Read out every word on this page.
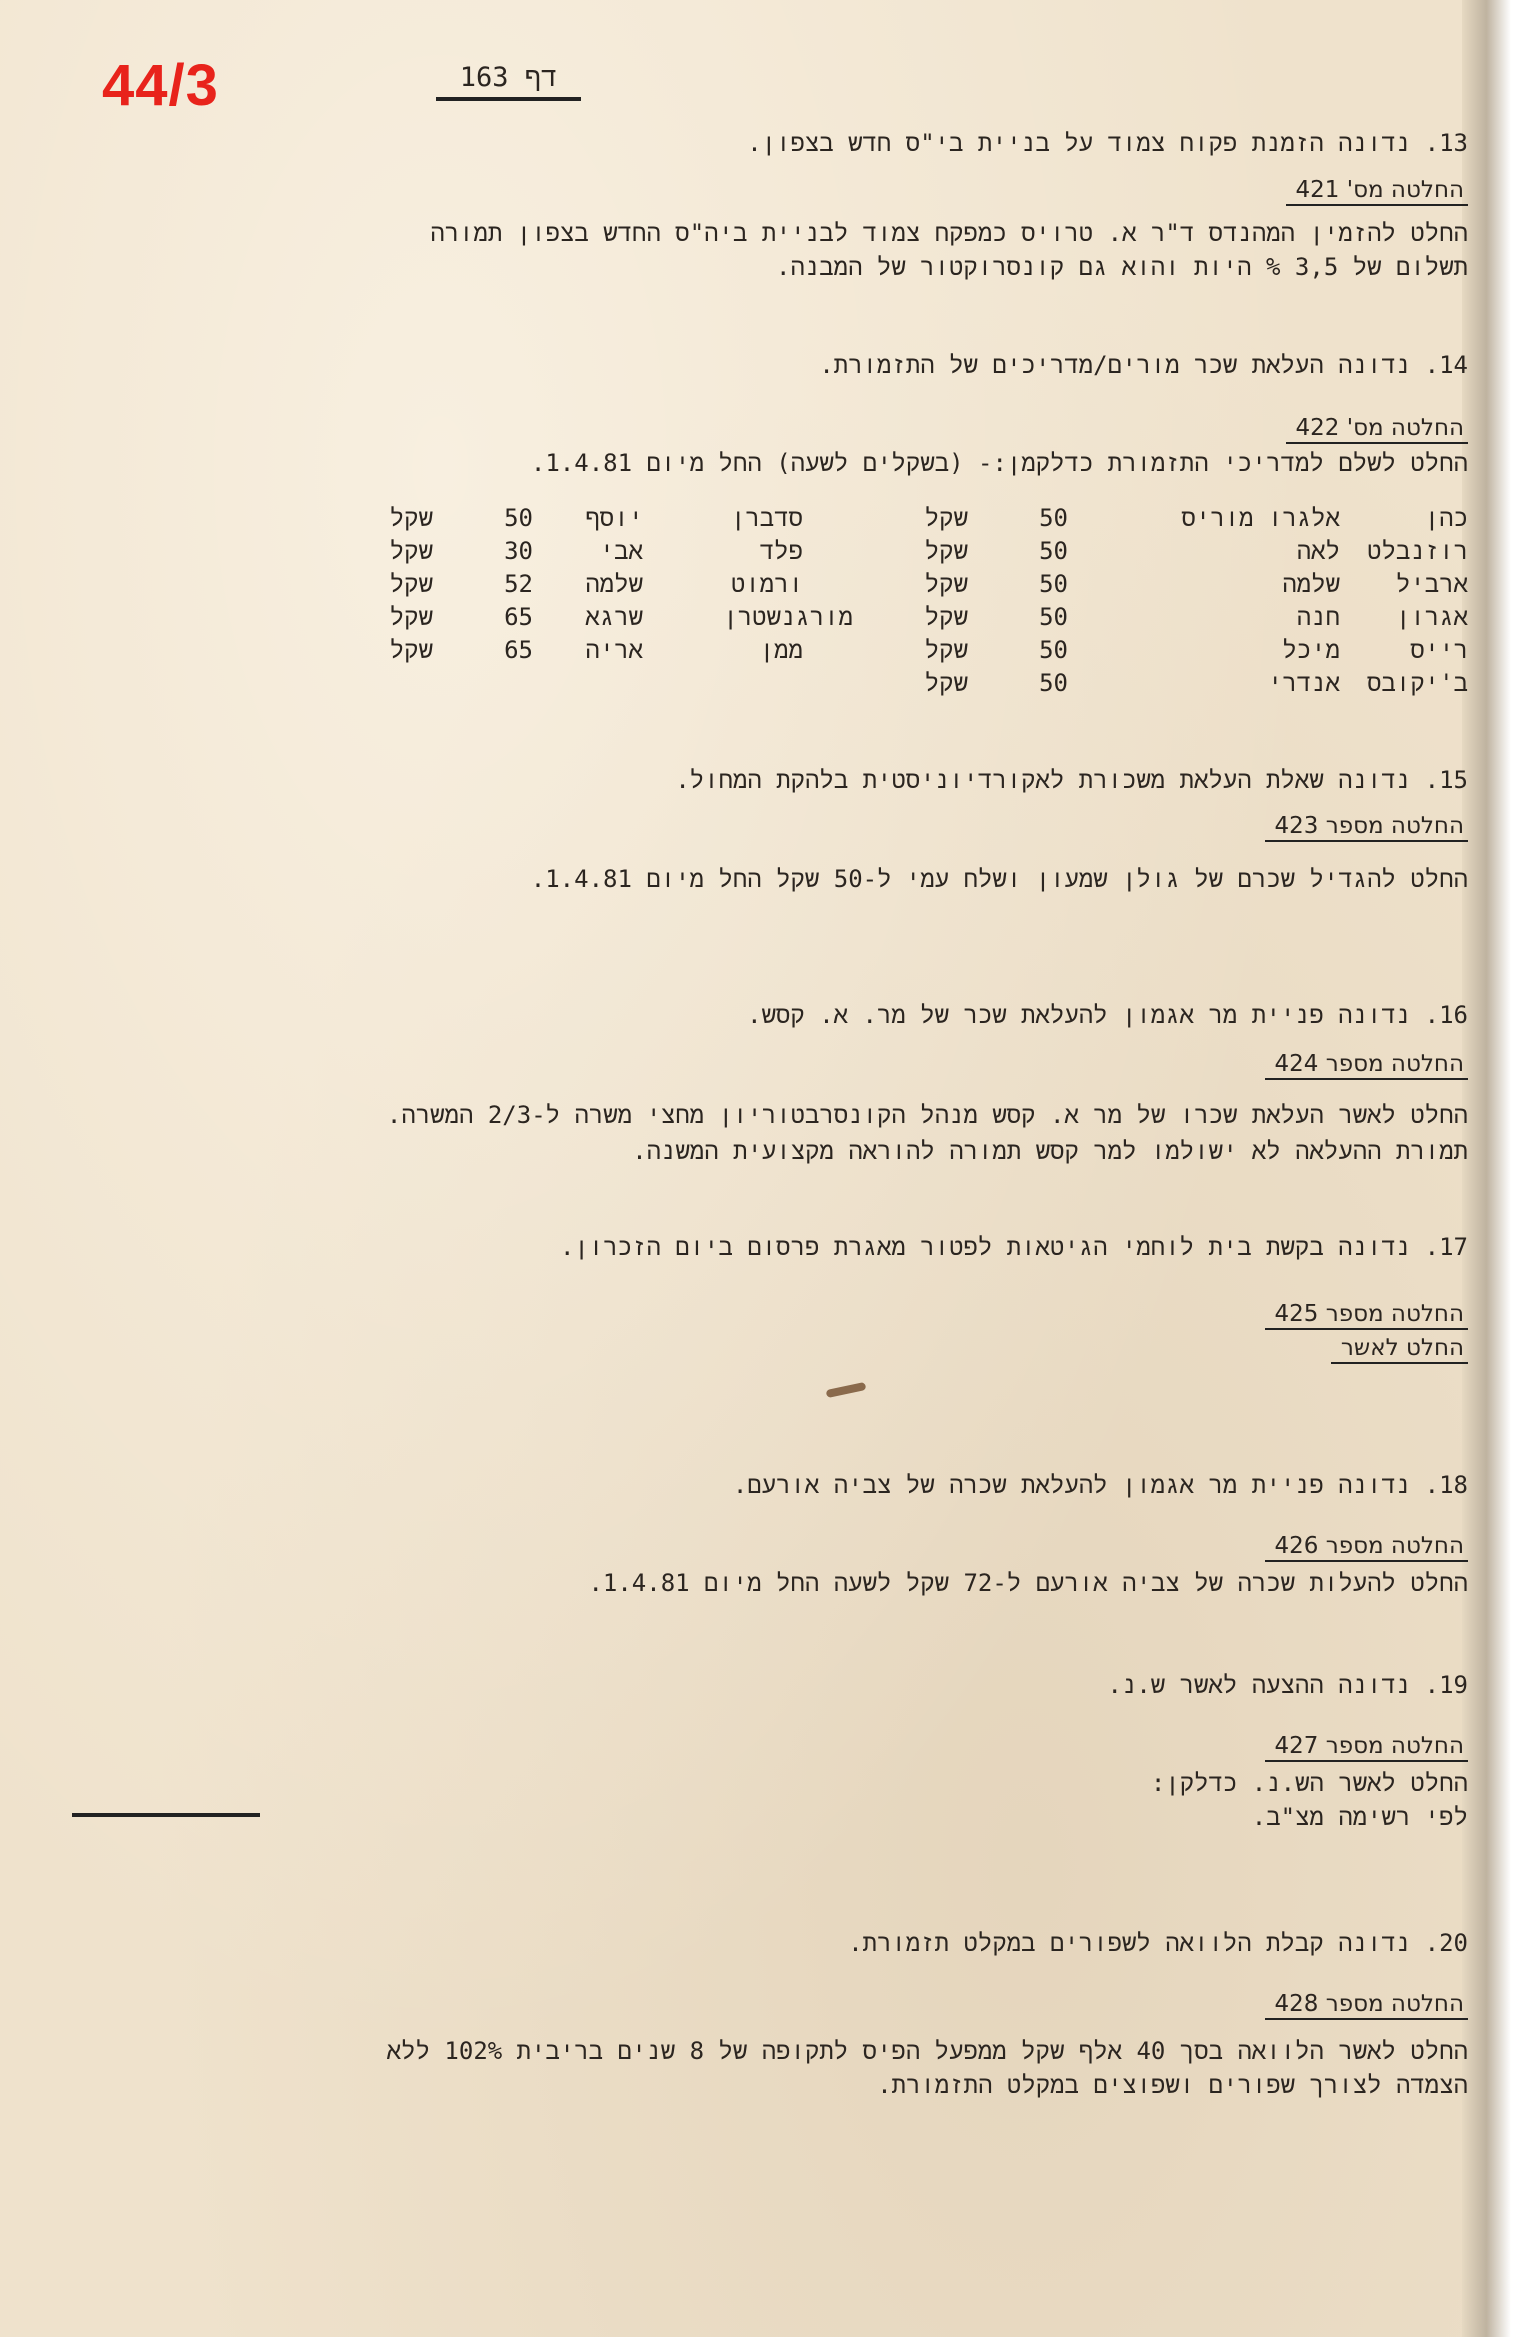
44/3	דף 163
13. נדונה הזמנת פקוח צמוד על בניית בי"ס חדש בצפון.
החלטה מס' 421
החלט להזמין המהנדס ד"ר א. טרויס כמפקח צמוד לבניית ביה"ס החדש בצפון תמורה
תשלום של 3,5 % היות והוא גם קונסרוקטור של המבנה.
14. נדונה העלאת שכר מורים/מדריכים של התזמורת.
החלטה מס' 422
החלט לשלם למדריכי התזמורת כדלקמן:- (בשקלים לשעה) החל מיום 1.4.81.
כהן
אלגרו מוריס
50
שקל
סדברן
יוסף
50
שקל
רוזנבלט
לאה
50
שקל
פלד
אבי
30
שקל
ארביל
שלמה
50
שקל
ורמוט
שלמה
52
שקל
אגרון
חנה
50
שקל
מורגנשטרן
שרגא
65
שקל
רייס
מיכל
50
שקל
ממן
אריה
65
שקל
ב'יקובס
אנדרי
50
שקל
15. נדונה שאלת העלאת משכורת לאקורדיוניסטית בלהקת המחול.
החלטה מספר 423
החלט להגדיל שכרם של גולן שמעון ושלח עמי ל-50 שקל החל מיום 1.4.81.
16. נדונה פניית מר אגמון להעלאת שכר של מר. א. קסש.
החלטה מספר 424
החלט לאשר העלאת שכרו של מר א. קסש מנהל הקונסרבטוריון מחצי משרה ל-2/3 המשרה.
תמורת ההעלאה לא ישולמו למר קסש תמורה להוראה מקצועית המשנה.
17. נדונה בקשת בית לוחמי הגיטאות לפטור מאגרת פרסום ביום הזכרון.
החלטה מספר 425
החלט לאשר
18. נדונה פניית מר אגמון להעלאת שכרה של צביה אורעם.
החלטה מספר 426
החלט להעלות שכרה של צביה אורעם ל-72 שקל לשעה החל מיום 1.4.81.
19. נדונה ההצעה לאשר ש.נ.
החלטה מספר 427
החלט לאשר הש.נ. כדלקן:
לפי רשימה מצ"ב.
20. נדונה קבלת הלוואה לשפורים במקלט תזמורת.
החלטה מספר 428
החלט לאשר הלוואה בסך 40 אלף שקל ממפעל הפיס לתקופה של 8 שנים בריבית 102% ללא
הצמדה לצורך שפורים ושפוצים במקלט התזמורת.
